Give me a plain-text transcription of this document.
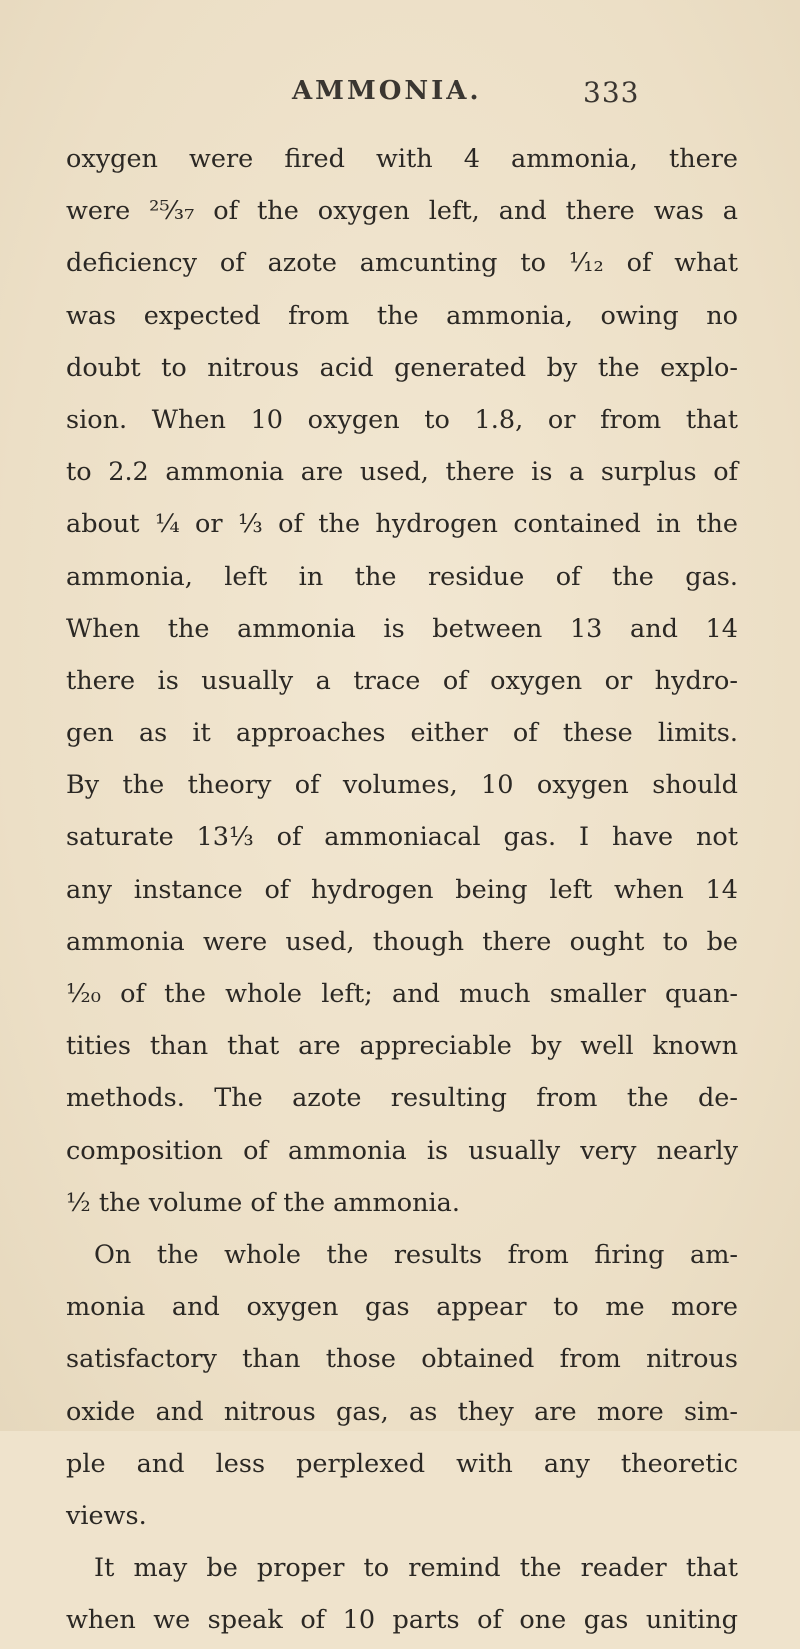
AMMONIA.	333
oxygen were fired with 4 ammonia, there
were ²⁵⁄₃₇ of the oxygen left, and there was a
deficiency of azote amcunting to ¹⁄₁₂ of what
was expected from the ammonia, owing no
doubt to nitrous acid generated by the explo-
sion. When 10 oxygen to 1.8, or from that
to 2.2 ammonia are used, there is a surplus of
about ¼ or ⅓ of the hydrogen contained in the
ammonia, left in the residue of the gas.
When the ammonia is between 13 and 14
there is usually a trace of oxygen or hydro-
gen as it approaches either of these limits.
By the theory of volumes, 10 oxygen should
saturate 13⅓ of ammoniacal gas. I have not
any instance of hydrogen being left when 14
ammonia were used, though there ought to be
¹⁄₂₀ of the whole left; and much smaller quan-
tities than that are appreciable by well known
methods. The azote resulting from the de-
composition of ammonia is usually very nearly
½ the volume of the ammonia.
On the whole the results from firing am-
monia and oxygen gas appear to me more
satisfactory than those obtained from nitrous
oxide and nitrous gas, as they are more sim-
ple and less perplexed with any theoretic
views.
It may be proper to remind the reader that
when we speak of 10 parts of one gas uniting
